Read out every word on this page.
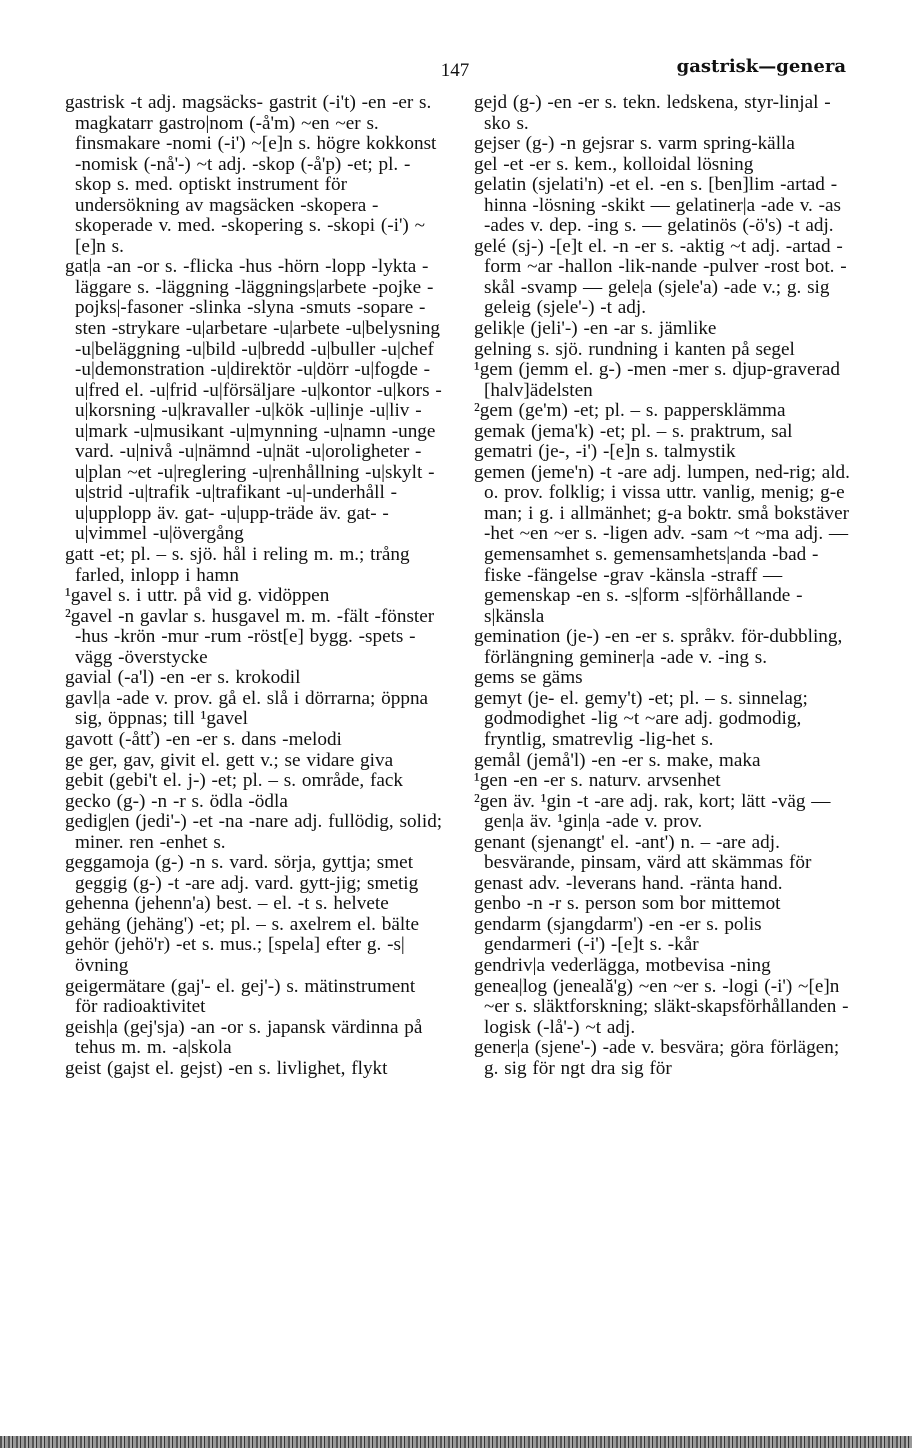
147	gastrisk—genera

gastrisk -t adj. magsäcks- gastrit (-i't) -en -er s. magkatarr gastro|nom (-å'm) ~en ~er s. finsmakare -nomi (-i') ~[e]n s. högre kokkonst -nomisk (-nå'-) ~t adj. -skop (-å'p) -et; pl. -skop s. med. optiskt instrument för undersökning av magsäcken -skopera -skoperade v. med. -skopering s. -skopi (-i') ~[e]n s.

gat|a -an -or s. -flicka -hus -hörn -lopp -lykta -läggare s. -läggning -läggnings|arbete -pojke -pojks|-fasoner -slinka -slyna -smuts -sopare -sten -strykare -u|arbetare -u|arbete -u|belysning -u|beläggning -u|bild -u|bredd -u|buller -u|chef -u|demonstration -u|direktör -u|dörr -u|fogde -u|fred el. -u|frid -u|försäljare -u|kontor -u|kors -u|korsning -u|kravaller -u|kök -u|linje -u|liv -u|mark -u|musikant -u|mynning -u|namn -unge vard. -u|nivå -u|nämnd -u|nät -u|oroligheter -u|plan ~et -u|reglering -u|renhållning -u|skylt -u|strid -u|trafik -u|trafikant -u|-underhåll -u|upplopp äv. gat- -u|upp-träde äv. gat- -u|vimmel -u|övergång

gatt -et; pl. – s. sjö. hål i reling m. m.; trång farled, inlopp i hamn

¹gavel s. i uttr. på vid g. vidöppen

²gavel -n gavlar s. husgavel m. m. -fält -fönster -hus -krön -mur -rum -röst[e] bygg. -spets -vägg -överstycke

gavial (-a'l) -en -er s. krokodil

gavl|a -ade v. prov. gå el. slå i dörrarna; öppna sig, öppnas; till ¹gavel

gavott (-åtť) -en -er s. dans -melodi

ge ger, gav, givit el. gett v.; se vidare giva

gebit (gebi't el. j-) -et; pl. – s. område, fack

gecko (g-) -n -r s. ödla -ödla

gedig|en (jedi'-) -et -na -nare adj. fullödig, solid; miner. ren -enhet s.

geggamoja (g-) -n s. vard. sörja, gyttja; smet geggig (g-) -t -are adj. vard. gytt-jig; smetig

gehenna (jehenn'a) best. – el. -t s. helvete

gehäng (jehäng') -et; pl. – s. axelrem el. bälte

gehör (jehö'r) -et s. mus.; [spela] efter g. -s|övning

geigermätare (gaj'- el. gej'-) s. mätinstrument för radioaktivitet

geish|a (gej'sja) -an -or s. japansk värdinna på tehus m. m. -a|skola

geist (gajst el. gejst) -en s. livlighet, flykt

gejd (g-) -en -er s. tekn. ledskena, styr-linjal -sko s.

gejser (g-) -n gejsrar s. varm spring-källa

gel -et -er s. kem., kolloidal lösning

gelatin (sjelati'n) -et el. -en s. [ben]lim -artad -hinna -lösning -skikt — gelatiner|a -ade v. -as -ades v. dep. -ing s. — gelatinös (-ö's) -t adj.

gelé (sj-) -[e]t el. -n -er s. -aktig ~t adj. -artad -form ~ar -hallon -lik-nande -pulver -rost bot. -skål -svamp — gele|a (sjele'a) -ade v.; g. sig geleig (sjele'-) -t adj.

gelik|e (jeli'-) -en -ar s. jämlike

gelning s. sjö. rundning i kanten på segel

¹gem (jemm el. g-) -men -mer s. djup-graverad [halv]ädelsten

²gem (ge'm) -et; pl. – s. pappersklämma

gemak (jema'k) -et; pl. – s. praktrum, sal

gematri (je-, -i') -[e]n s. talmystik

gemen (jeme'n) -t -are adj. lumpen, ned-rig; ald. o. prov. folklig; i vissa uttr. vanlig, menig; g-e man; i g. i allmänhet; g-a boktr. små bokstäver -het ~en ~er s. -ligen adv. -sam ~t ~ma adj. — gemensamhet s. gemensamhets|anda -bad -fiske -fängelse -grav -känsla -straff — gemenskap -en s. -s|form -s|förhållande -s|känsla

gemination (je-) -en -er s. språkv. för-dubbling, förlängning geminer|a -ade v. -ing s.

gems se gäms

gemyt (je- el. gemy't) -et; pl. – s. sinnelag; godmodighet -lig ~t ~are adj. godmodig, fryntlig, smatrevlig -lig-het s.

gemål (jemå'l) -en -er s. make, maka

¹gen -en -er s. naturv. arvsenhet

²gen äv. ¹gin -t -are adj. rak, kort; lätt -väg — gen|a äv. ¹gin|a -ade v. prov.

genant (sjenangt' el. -ant') n. – -are adj. besvärande, pinsam, värd att skämmas för

genast adv. -leverans hand. -ränta hand.

genbo -n -r s. person som bor mittemot

gendarm (sjangdarm') -en -er s. polis gendarmeri (-i') -[e]t s. -kår

gendriv|a vederlägga, motbevisa -ning

genea|log (jeneală'g) ~en ~er s. -logi (-i') ~[e]n ~er s. släktforskning; släkt-skapsförhållanden -logisk (-lå'-) ~t adj.

gener|a (sjene'-) -ade v. besvära; göra förlägen; g. sig för ngt dra sig för
